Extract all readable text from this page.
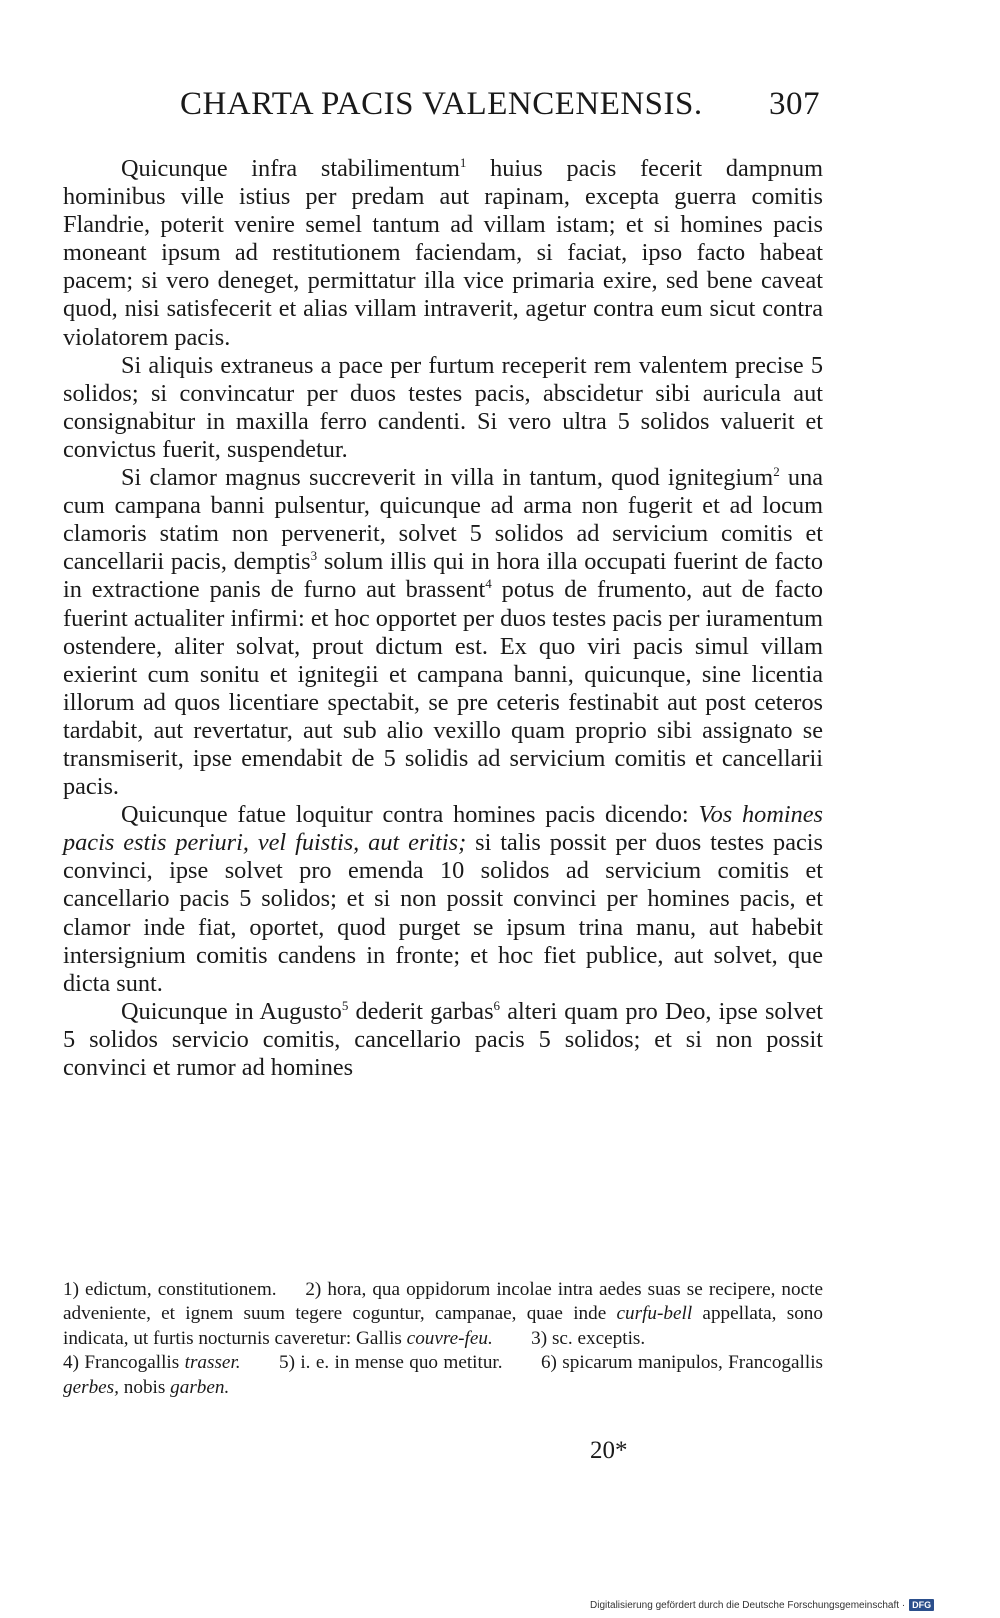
CHARTA PACIS VALENCENENSIS. 307

Quicunque infra stabilimentum$^1$ huius pacis fecerit dampnum hominibus ville istius per predam aut rapinam, excepta guerra comitis Flandrie, poterit venire semel tantum ad villam istam; et si homines pacis moneant ipsum ad restitutionem faciendam, si faciat, ipso facto habeat pacem; si vero deneget, permittatur illa vice primaria exire, sed bene caveat quod, nisi satisfecerit et alias villam intraverit, agetur contra eum sicut contra violatorem pacis.

Si aliquis extraneus a pace per furtum receperit rem valentem precise 5 solidos; si convincatur per duos testes pacis, abscidetur sibi auricula aut consignabitur in maxilla ferro candenti. Si vero ultra 5 solidos valuerit et convictus fuerit, suspendetur.

Si clamor magnus succreverit in villa in tantum, quod ignitegium$^2$ una cum campana banni pulsentur, quicunque ad arma non fugerit et ad locum clamoris statim non pervenerit, solvet 5 solidos ad servicium comitis et cancellarii pacis, demptis$^3$ solum illis qui in hora illa occupati fuerint de facto in extractione panis de furno aut brassent$^4$ potus de frumento, aut de facto fuerint actualiter infirmi: et hoc opportet per duos testes pacis per iuramentum ostendere, aliter solvat, prout dictum est. Ex quo viri pacis simul villam exierint cum sonitu et ignitegii et campana banni, quicunque, sine licentia illorum ad quos licentiare spectabit, se pre ceteris festinabit aut post ceteros tardabit, aut revertatur, aut sub alio vexillo quam proprio sibi assignato se transmiserit, ipse emendabit de 5 solidis ad servicium comitis et cancellarii pacis.

Quicunque fatue loquitur contra homines pacis dicendo: Vos homines pacis estis periuri, vel fuistis, aut eritis; si talis possit per duos testes pacis convinci, ipse solvet pro emenda 10 solidos ad servicium comitis et cancellario pacis 5 solidos; et si non possit convinci per homines pacis, et clamor inde fiat, oportet, quod purget se ipsum trina manu, aut habebit intersignium comitis candens in fronte; et hoc fiet publice, aut solvet, que dicta sunt.

Quicunque in Augusto$^5$ dederit garbas$^6$ alteri quam pro Deo, ipse solvet 5 solidos servicio comitis, cancellario pacis 5 solidos; et si non possit convinci et rumor ad homines

1) edictum, constitutionem.   2) hora, qua oppidorum incolae intra aedes suas se recipere, nocte adveniente, et ignem suum tegere coguntur, campanae, quae inde curfu-bell appellata, sono indicata, ut furtis nocturnis caveretur: Gallis couvre-feu.   3) sc. exceptis.

4) Francogallis trasser.   5) i. e. in mense quo metitur.   6) spicarum manipulos, Francogallis gerbes, nobis garben.

20*
Digitalisierung gefördert durch die Deutsche Forschungsgemeinschaft · DFG
